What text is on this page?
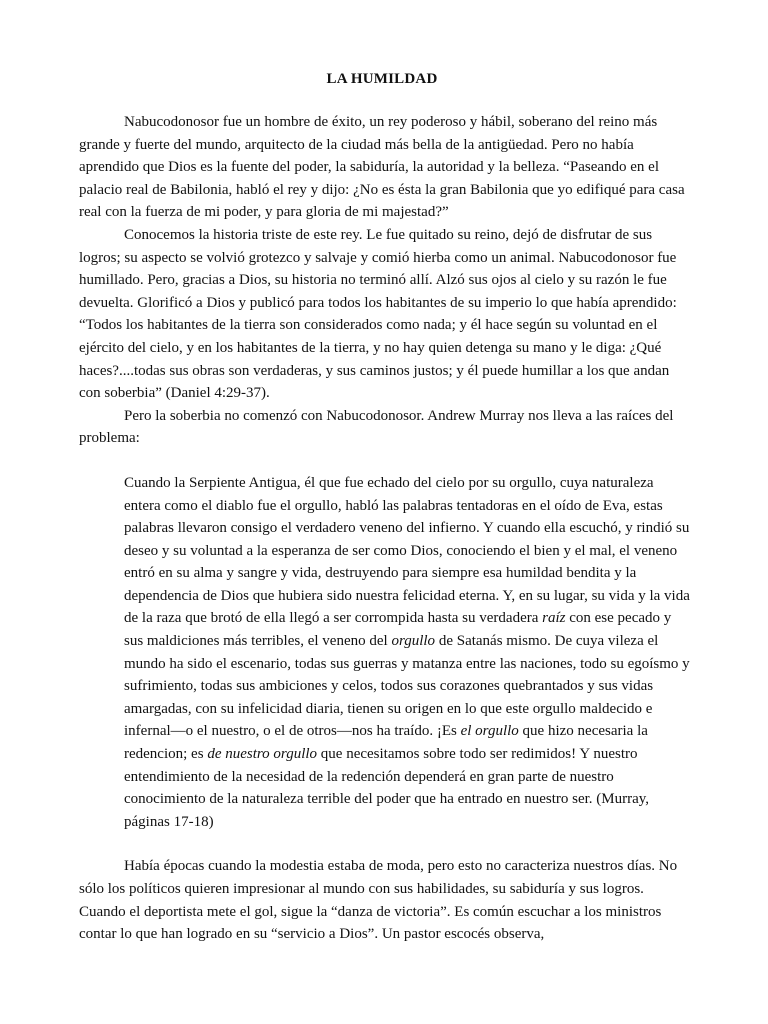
LA HUMILDAD

Nabucodonosor fue un hombre de éxito, un rey poderoso y hábil, soberano del reino más grande y fuerte del mundo, arquitecto de la ciudad más bella de la antigüedad. Pero no había aprendido que Dios es la fuente del poder, la sabiduría, la autoridad y la belleza. “Paseando en el palacio real de Babilonia, habló el rey y dijo: ¿No es ésta la gran Babilonia que yo edifiqué para casa real con la fuerza de mi poder, y para gloria de mi majestad?”

Conocemos la historia triste de este rey. Le fue quitado su reino, dejó de disfrutar de sus logros; su aspecto se volvió grotezco y salvaje y comió hierba como un animal. Nabucodonosor fue humillado. Pero, gracias a Dios, su historia no terminó allí. Alzó sus ojos al cielo y su razón le fue devuelta. Glorificó a Dios y publicó para todos los habitantes de su imperio lo que había aprendido: “Todos los habitantes de la tierra son considerados como nada; y él hace según su voluntad en el ejército del cielo, y en los habitantes de la tierra, y no hay quien detenga su mano y le diga: ¿Qué haces?....todas sus obras son verdaderas, y sus caminos justos; y él puede humillar a los que andan con soberbia” (Daniel 4:29-37).

Pero la soberbia no comenzó con Nabucodonosor. Andrew Murray nos lleva a las raíces del problema:

Cuando la Serpiente Antigua, él que fue echado del cielo por su orgullo, cuya naturaleza entera como el diablo fue el orgullo, habló las palabras tentadoras en el oído de Eva, estas palabras llevaron consigo el verdadero veneno del infierno. Y cuando ella escuchó, y rindió su deseo y su voluntad a la esperanza de ser como Dios, conociendo el bien y el mal, el veneno entró en su alma y sangre y vida, destruyendo para siempre esa humildad bendita y la dependencia de Dios que hubiera sido nuestra felicidad eterna. Y, en su lugar, su vida y la vida de la raza que brotó de ella llegó a ser corrompida hasta su verdadera raíz con ese pecado y sus maldiciones más terribles, el veneno del orgullo de Satanás mismo. De cuya vileza el mundo ha sido el escenario, todas sus guerras y matanza entre las naciones, todo su egoísmo y sufrimiento, todas sus ambiciones y celos, todos sus corazones quebrantados y sus vidas amargadas, con su infelicidad diaria, tienen su origen en lo que este orgullo maldecido e infernal—o el nuestro, o el de otros—nos ha traído. ¡Es el orgullo que hizo necesaria la redencion; es de nuestro orgullo que necesitamos sobre todo ser redimidos! Y nuestro entendimiento de la necesidad de la redención dependerá en gran parte de nuestro conocimiento de la naturaleza terrible del poder que ha entrado en nuestro ser. (Murray, páginas 17-18)

Había épocas cuando la modestia estaba de moda, pero esto no caracteriza nuestros días. No sólo los políticos quieren impresionar al mundo con sus habilidades, su sabiduría y sus logros. Cuando el deportista mete el gol, sigue la “danza de victoria”. Es común escuchar a los ministros contar lo que han logrado en su “servicio a Dios”. Un pastor escocés observa,
